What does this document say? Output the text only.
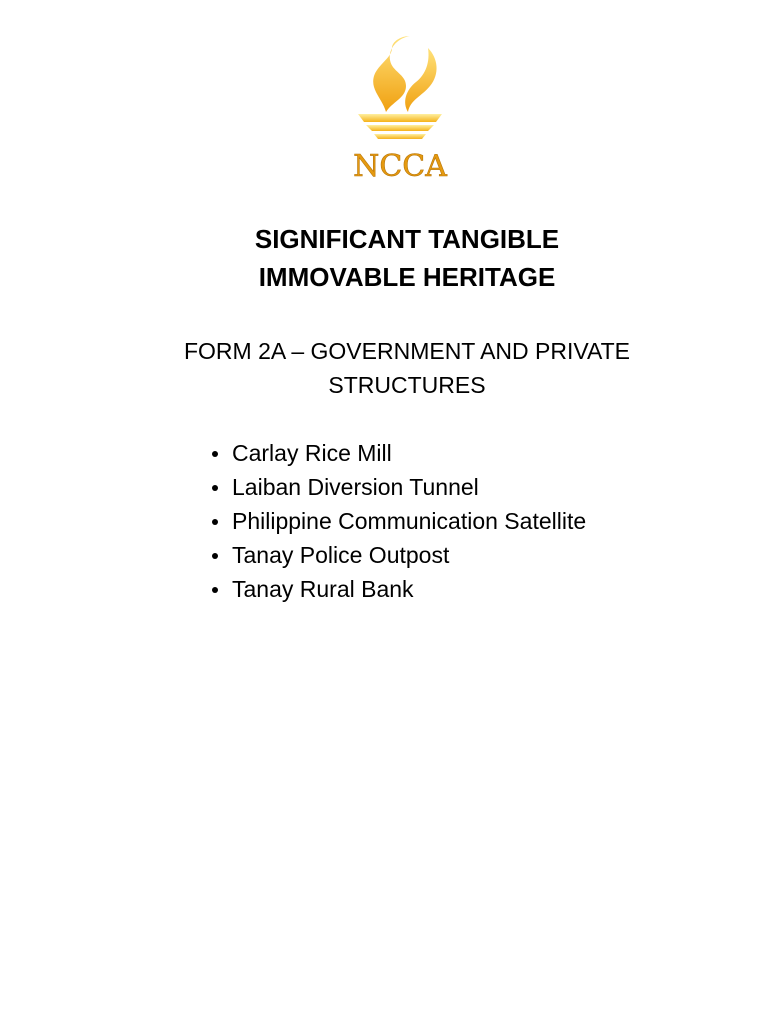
NCCA
SIGNIFICANT TANGIBLE
IMMOVABLE HERITAGE
FORM 2A – GOVERNMENT AND PRIVATE
STRUCTURES
Carlay Rice Mill
Laiban Diversion Tunnel
Philippine Communication Satellite
Tanay Police Outpost
Tanay Rural Bank
